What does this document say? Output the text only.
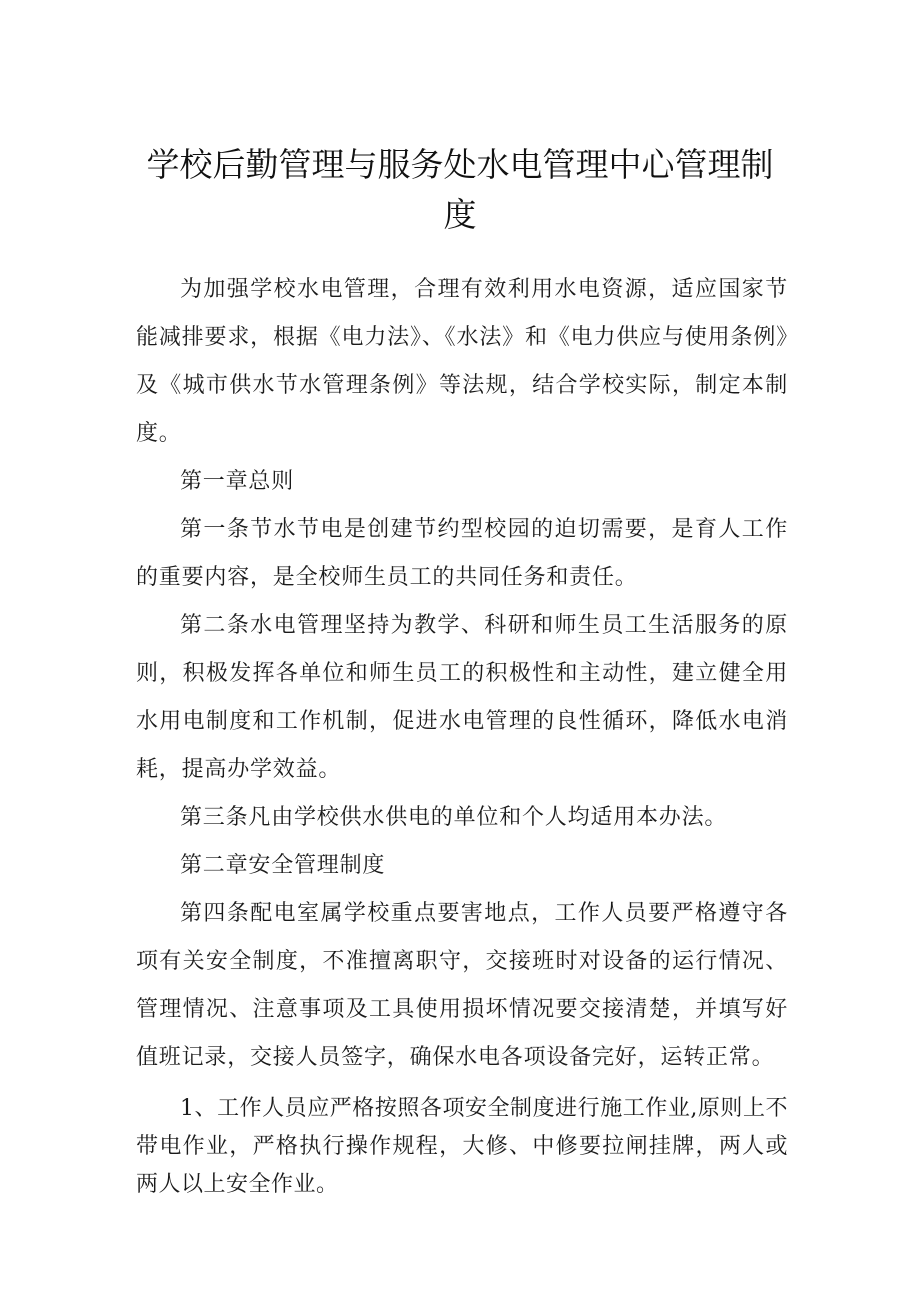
学校后勤管理与服务处水电管理中心管理制
度

为加强学校水电管理，合理有效利用水电资源，适应国家节能减排要求，根据《电力法》、《水法》和《电力供应与使用条例》及《城市供水节水管理条例》等法规，结合学校实际，制定本制度。

第一章总则

第一条节水节电是创建节约型校园的迫切需要，是育人工作的重要内容，是全校师生员工的共同任务和责任。

第二条水电管理坚持为教学、科研和师生员工生活服务的原则，积极发挥各单位和师生员工的积极性和主动性，建立健全用水用电制度和工作机制，促进水电管理的良性循环，降低水电消耗，提高办学效益。

第三条凡由学校供水供电的单位和个人均适用本办法。

第二章安全管理制度

第四条配电室属学校重点要害地点，工作人员要严格遵守各项有关安全制度，不准擅离职守，交接班时对设备的运行情况、管理情况、注意事项及工具使用损坏情况要交接清楚，并填写好值班记录，交接人员签字，确保水电各项设备完好，运转正常。

1、工作人员应严格按照各项安全制度进行施工作业,原则上不带电作业，严格执行操作规程，大修、中修要拉闸挂牌，两人或两人以上安全作业。
